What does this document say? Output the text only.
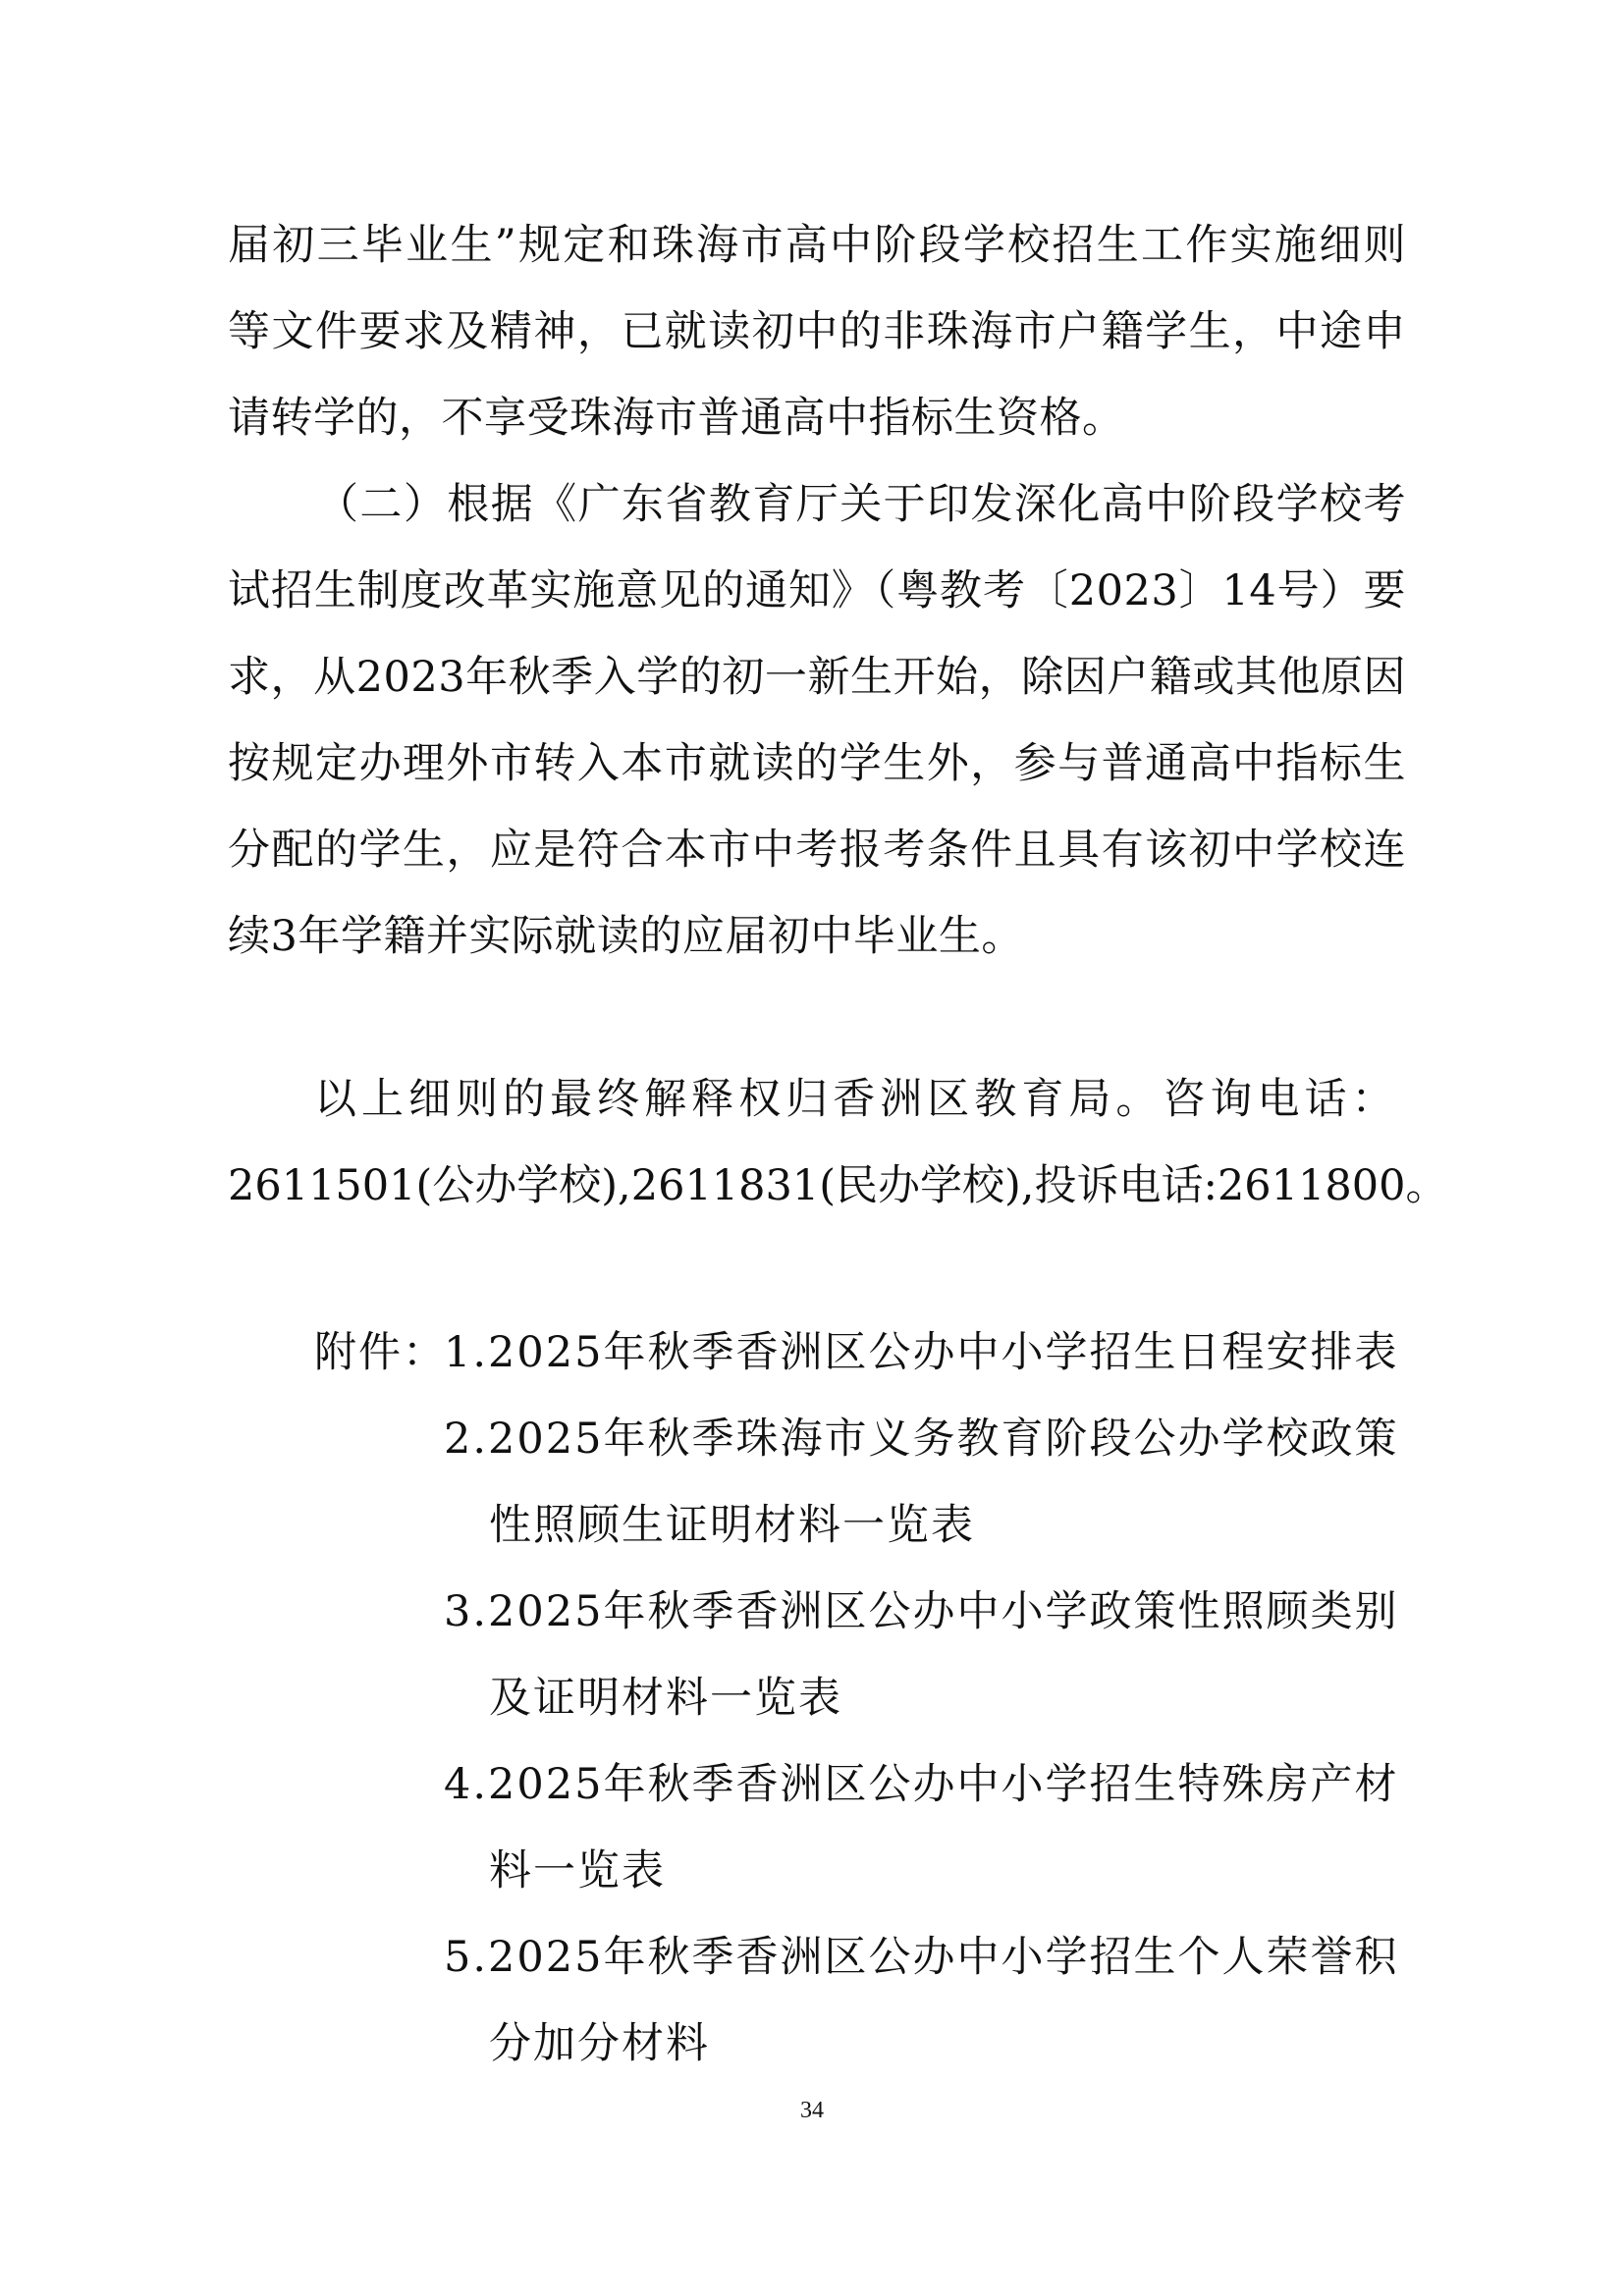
届初三毕业生”规定和珠海市高中阶段学校招生工作实施细则
等文件要求及精神，已就读初中的非珠海市户籍学生，中途申
请转学的，不享受珠海市普通高中指标生资格。
（二）根据《广东省教育厅关于印发深化高中阶段学校考
试招生制度改革实施意见的通知》（粤教考〔2023〕14号）要
求，从2023年秋季入学的初一新生开始，除因户籍或其他原因
按规定办理外市转入本市就读的学生外，参与普通高中指标生
分配的学生，应是符合本市中考报考条件且具有该初中学校连
续3年学籍并实际就读的应届初中毕业生。
以上细则的最终解释权归香洲区教育局。咨询电话：
2611501(公办学校),2611831(民办学校),投诉电话:2611800。
附件：
1.2025年秋季香洲区公办中小学招生日程安排表
2.2025年秋季珠海市义务教育阶段公办学校政策
性照顾生证明材料一览表
3.2025年秋季香洲区公办中小学政策性照顾类别
及证明材料一览表
4.2025年秋季香洲区公办中小学招生特殊房产材
料一览表
5.2025年秋季香洲区公办中小学招生个人荣誉积
分加分材料
34
